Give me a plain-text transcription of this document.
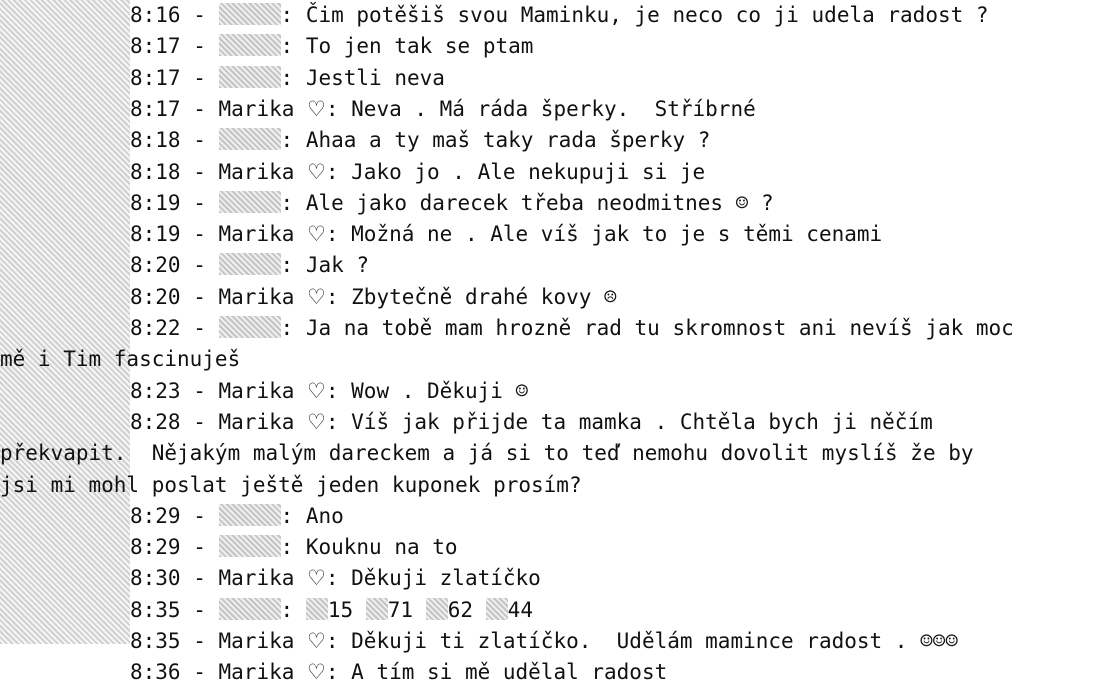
8:16 -	: Čim potěšiš svou Maminku, je neco co ji udela radost ?
8:17 -	: To jen tak se ptam
8:17 -	: Jestli neva
8:17 - Marika ♡: Neva . Má ráda šperky.  Stříbrné
8:18 -	: Ahaa a ty maš taky rada šperky ?
8:18 - Marika ♡: Jako jo . Ale nekupuji si je
8:19 -	: Ale jako darecek třeba neodmitnes ☺ ?
8:19 - Marika ♡: Možná ne . Ale víš jak to je s těmi cenami
8:20 -	: Jak ?
8:20 - Marika ♡: Zbytečně drahé kovy ☹
8:22 -	: Ja na tobě mam hrozně rad tu skromnost ani nevíš jak moc
mě i Tim fascinuješ
8:23 - Marika ♡: Wow . Děkuji ☺
8:28 - Marika ♡: Víš jak přijde ta mamka . Chtěla bych ji něčím
překvapit.  Nějakým malým dareckem a já si to teď nemohu dovolit myslíš že by
jsi mi mohl poslat ještě jeden kuponek prosím?
8:29 -	: Ano
8:29 -	: Kouknu na to
8:30 - Marika ♡: Děkuji zlatíčko
8:35 -	: 15 71 62 44
8:35 - Marika ♡: Děkuji ti zlatíčko.  Udělám mamince radost . ☺☺☺
8:36 - Marika ♡: A tím si mě udělal radost
